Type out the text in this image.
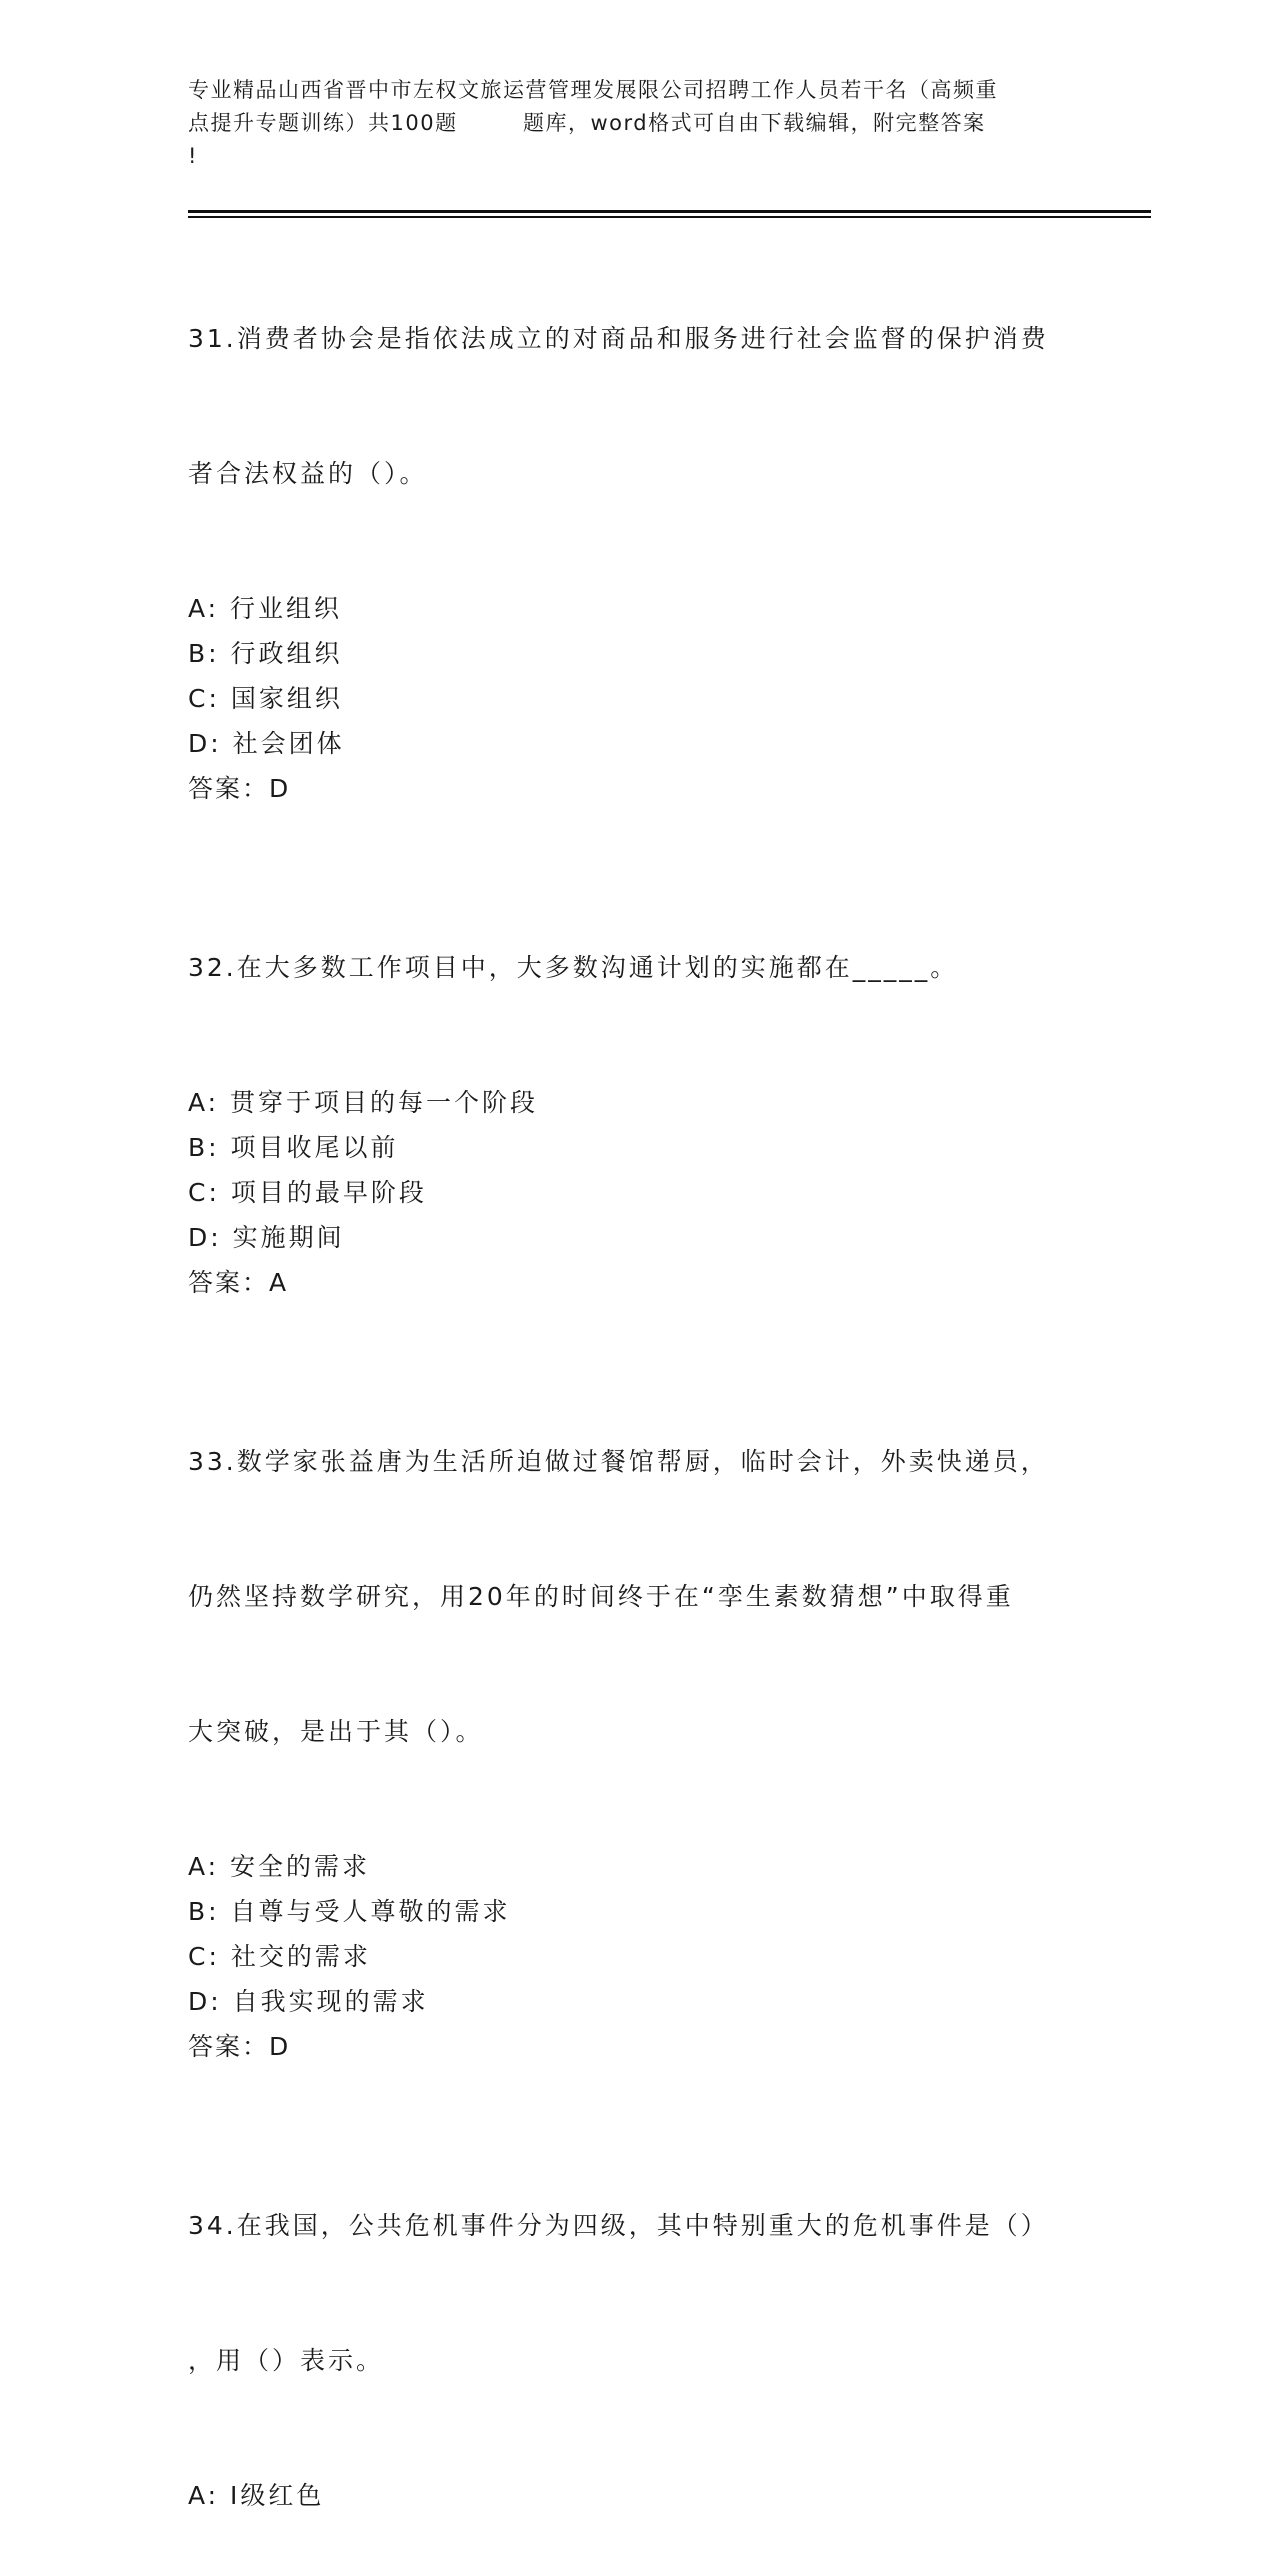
专业精品山西省晋中市左权文旅运营管理发展限公司招聘工作人员若干名（高频重
点提升专题训练）共100题        题库，word格式可自由下载编辑，附完整答案
!

31.消费者协会是指依法成立的对商品和服务进行社会监督的保护消费

者合法权益的（）。

A: 行业组织
B: 行政组织
C: 国家组织
D: 社会团体
答案：D

32.在大多数工作项目中，大多数沟通计划的实施都在_____。

A: 贯穿于项目的每一个阶段
B: 项目收尾以前
C: 项目的最早阶段
D: 实施期间
答案：A

33.数学家张益唐为生活所迫做过餐馆帮厨，临时会计，外卖快递员，

仍然坚持数学研究，用20年的时间终于在“孪生素数猜想”中取得重

大突破，是出于其（）。

A: 安全的需求
B: 自尊与受人尊敬的需求
C: 社交的需求
D: 自我实现的需求
答案：D

34.在我国，公共危机事件分为四级，其中特别重大的危机事件是（）

，用（）表示。

A: I级红色
